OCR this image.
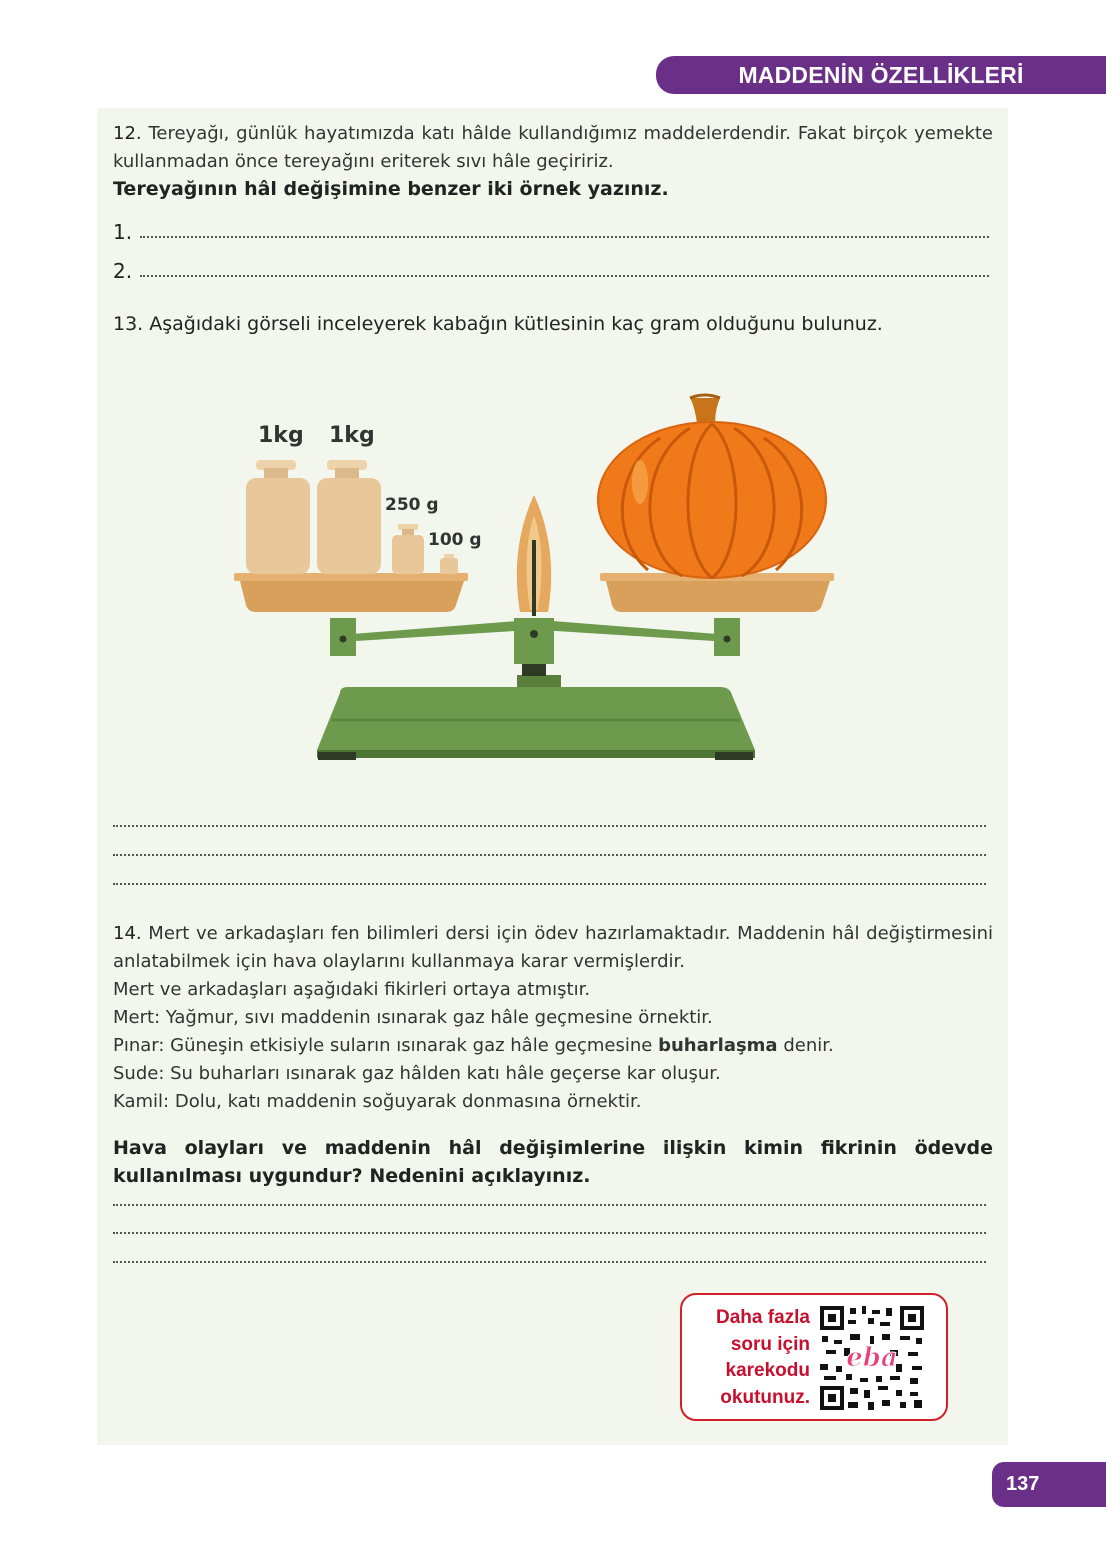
MADDENİN ÖZELLİKLERİ
12. Tereyağı, günlük hayatımızda katı hâlde kullandığımız maddelerdendir. Fakat birçok yemekte kullanmadan önce tereyağını eriterek sıvı hâle geçiririz.
Tereyağının hâl değişimine benzer iki örnek yazınız.
1.
2.
13. Aşağıdaki görseli inceleyerek kabağın kütlesinin kaç gram olduğunu bulunuz.
1kg 1kg
250 g
100 g
14. Mert ve arkadaşları fen bilimleri dersi için ödev hazırlamaktadır. Maddenin hâl değiştirmesini anlatabilmek için hava olaylarını kullanmaya karar vermişlerdir.
Mert ve arkadaşları aşağıdaki fikirleri ortaya atmıştır.
Mert: Yağmur, sıvı maddenin ısınarak gaz hâle geçmesine örnektir.
Pınar: Güneşin etkisiyle suların ısınarak gaz hâle geçmesine buharlaşma denir.
Sude: Su buharları ısınarak gaz hâlden katı hâle geçerse kar oluşur.
Kamil: Dolu, katı maddenin soğuyarak donmasına örnektir.
Hava olayları ve maddenin hâl değişimlerine ilişkin kimin fikrinin ödevde kullanılması uygundur? Nedenini açıklayınız.
Daha fazla
soru için
karekodu
okutunuz.
eba
137
